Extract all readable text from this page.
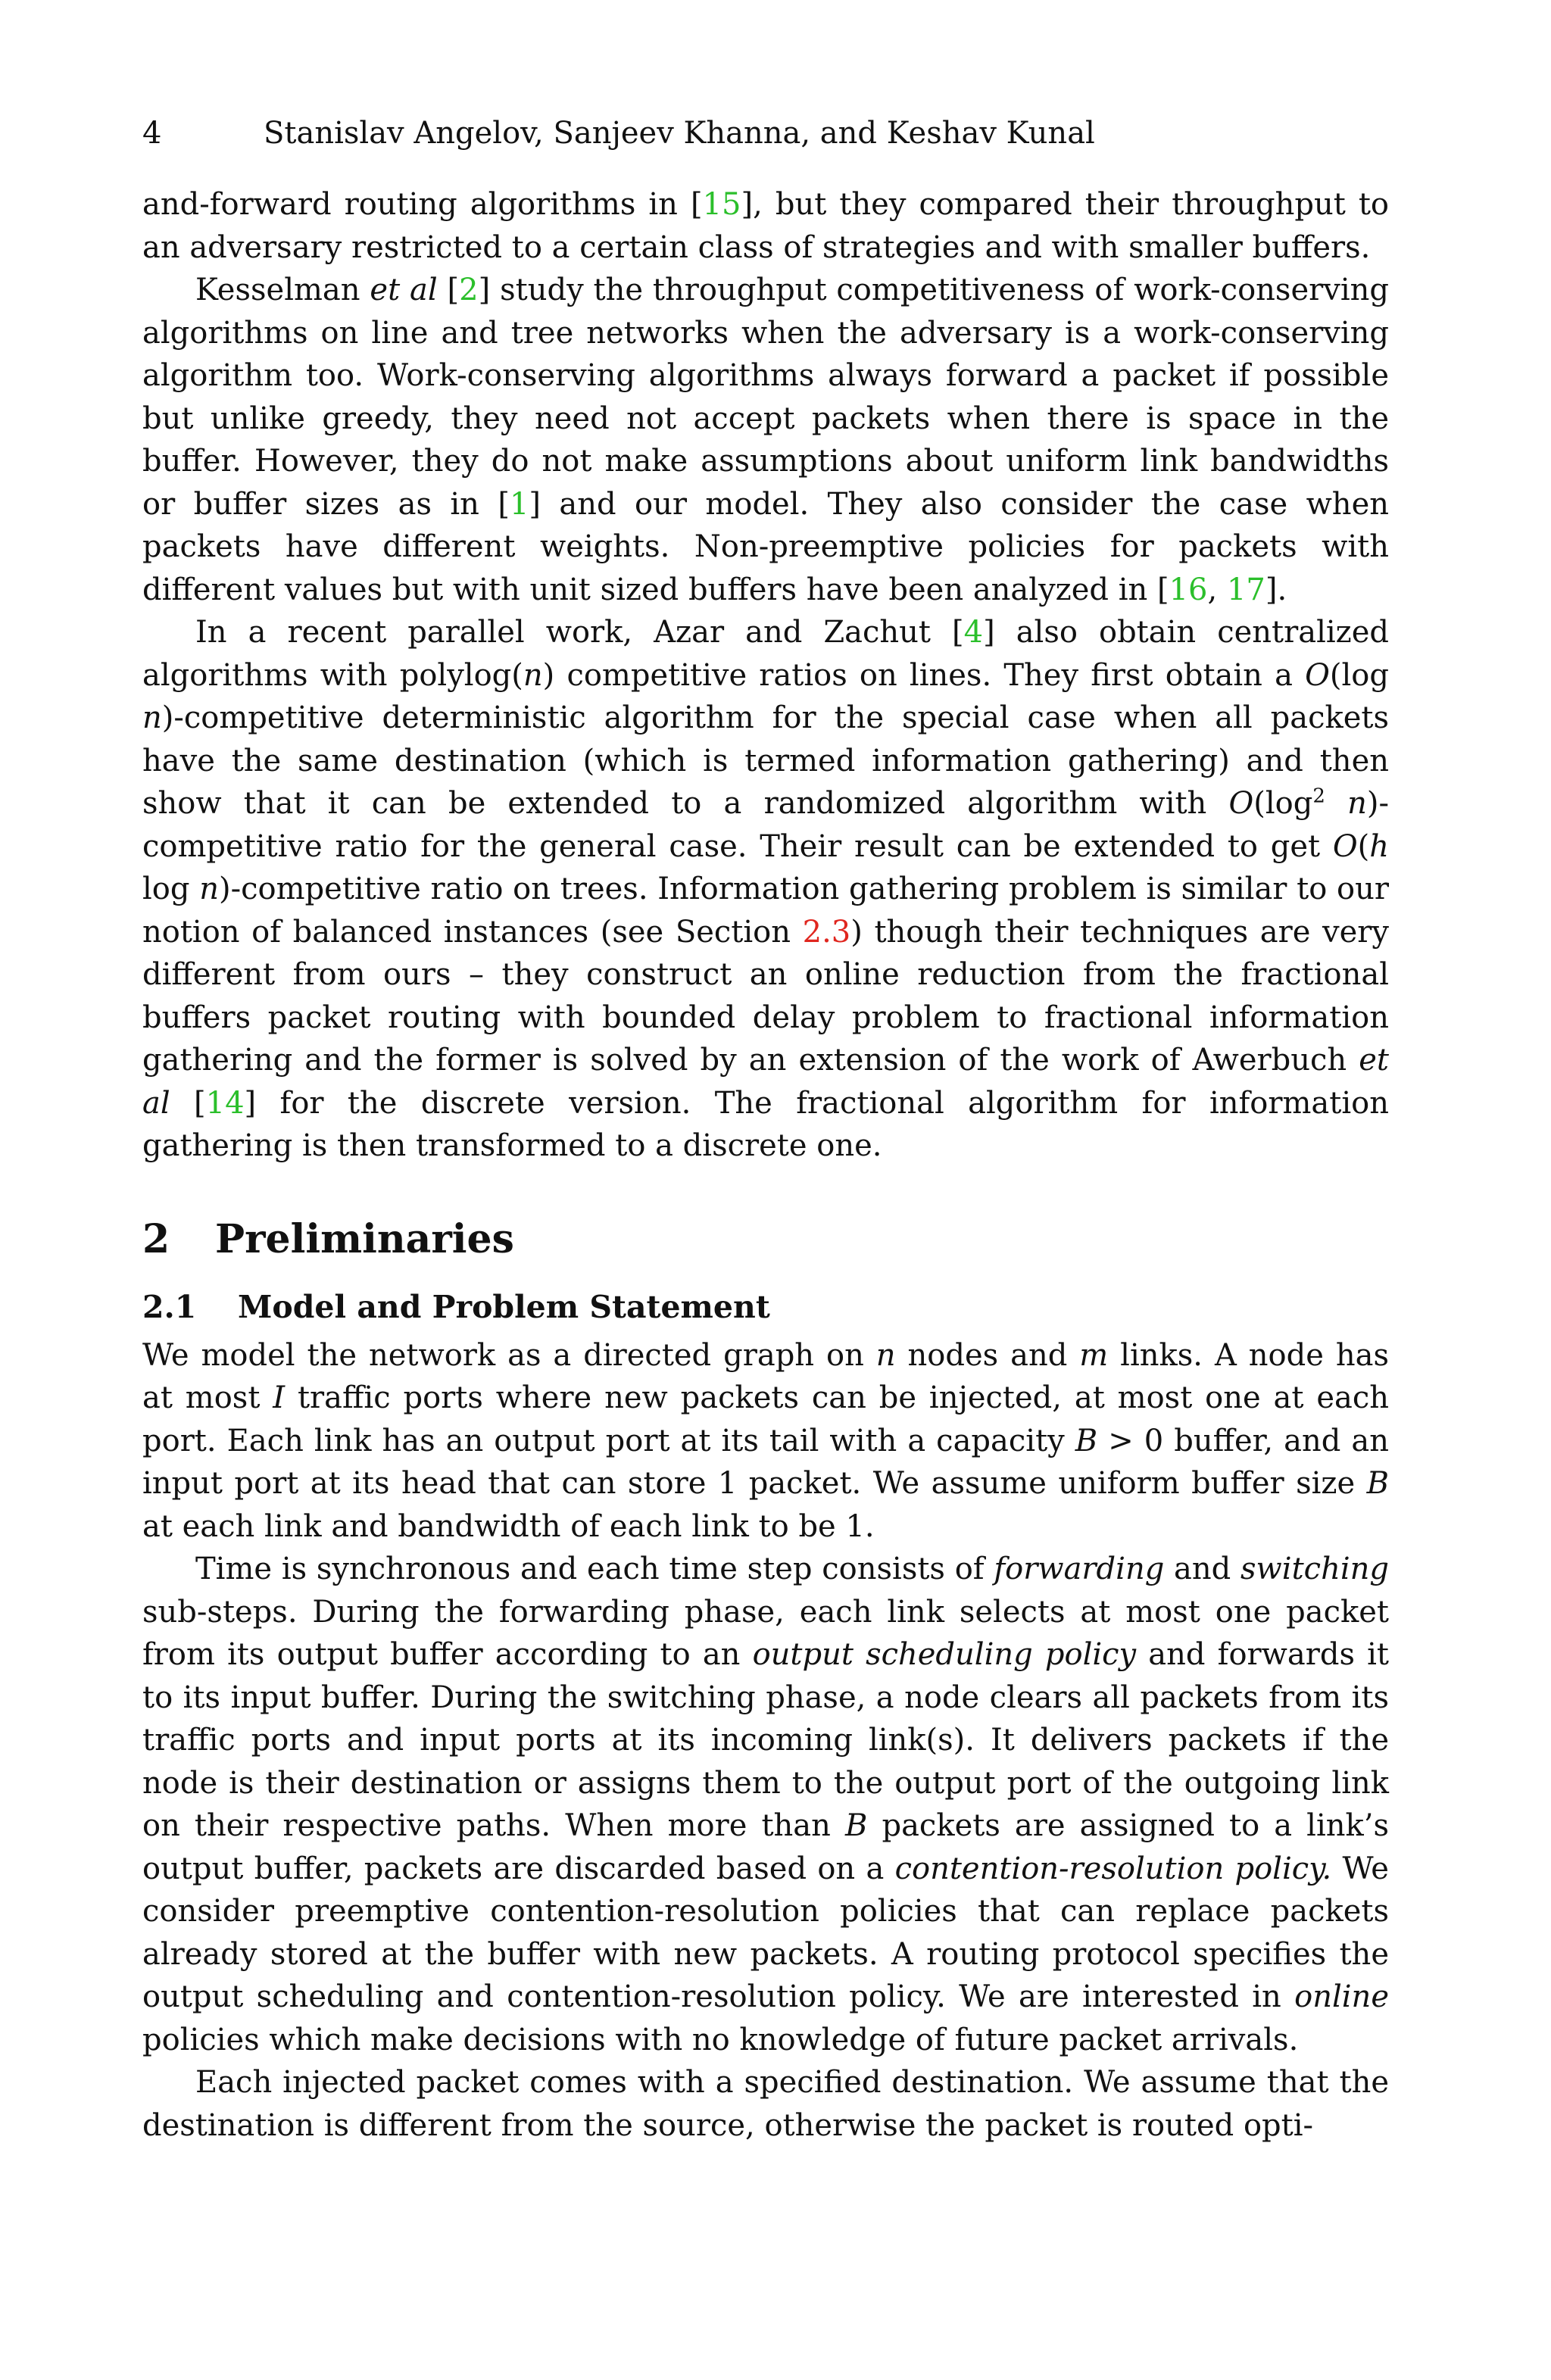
4	Stanislav Angelov, Sanjeev Khanna, and Keshav Kunal

and-forward routing algorithms in [15], but they compared their throughput to an adversary restricted to a certain class of strategies and with smaller buffers.

Kesselman et al [2] study the throughput competitiveness of work-conserving algorithms on line and tree networks when the adversary is a work-conserving algorithm too. Work-conserving algorithms always forward a packet if possible but unlike greedy, they need not accept packets when there is space in the buffer. However, they do not make assumptions about uniform link bandwidths or buffer sizes as in [1] and our model. They also consider the case when packets have different weights. Non-preemptive policies for packets with different values but with unit sized buffers have been analyzed in [16, 17].

In a recent parallel work, Azar and Zachut [4] also obtain centralized algorithms with polylog(n) competitive ratios on lines. They first obtain a O(log n)-competitive deterministic algorithm for the special case when all packets have the same destination (which is termed information gathering) and then show that it can be extended to a randomized algorithm with $O(\log^2$ n)-competitive ratio for the general case. Their result can be extended to get O(h log n)-competitive ratio on trees. Information gathering problem is similar to our notion of balanced instances (see Section 2.3) though their techniques are very different from ours – they construct an online reduction from the fractional buffers packet routing with bounded delay problem to fractional information gathering and the former is solved by an extension of the work of Awerbuch et al [14] for the discrete version. The fractional algorithm for information gathering is then transformed to a discrete one.

2 Preliminaries
2.1 Model and Problem Statement

We model the network as a directed graph on n nodes and m links. A node has at most I traffic ports where new packets can be injected, at most one at each port. Each link has an output port at its tail with a capacity B > 0 buffer, and an input port at its head that can store 1 packet. We assume uniform buffer size B at each link and bandwidth of each link to be 1.

Time is synchronous and each time step consists of forwarding and switching sub-steps. During the forwarding phase, each link selects at most one packet from its output buffer according to an output scheduling policy and forwards it to its input buffer. During the switching phase, a node clears all packets from its traffic ports and input ports at its incoming link(s). It delivers packets if the node is their destination or assigns them to the output port of the outgoing link on their respective paths. When more than B packets are assigned to a link’s output buffer, packets are discarded based on a contention-resolution policy. We consider preemptive contention-resolution policies that can replace packets already stored at the buffer with new packets. A routing protocol specifies the output scheduling and contention-resolution policy. We are interested in online policies which make decisions with no knowledge of future packet arrivals.

Each injected packet comes with a specified destination. We assume that the destination is different from the source, otherwise the packet is routed opti-
